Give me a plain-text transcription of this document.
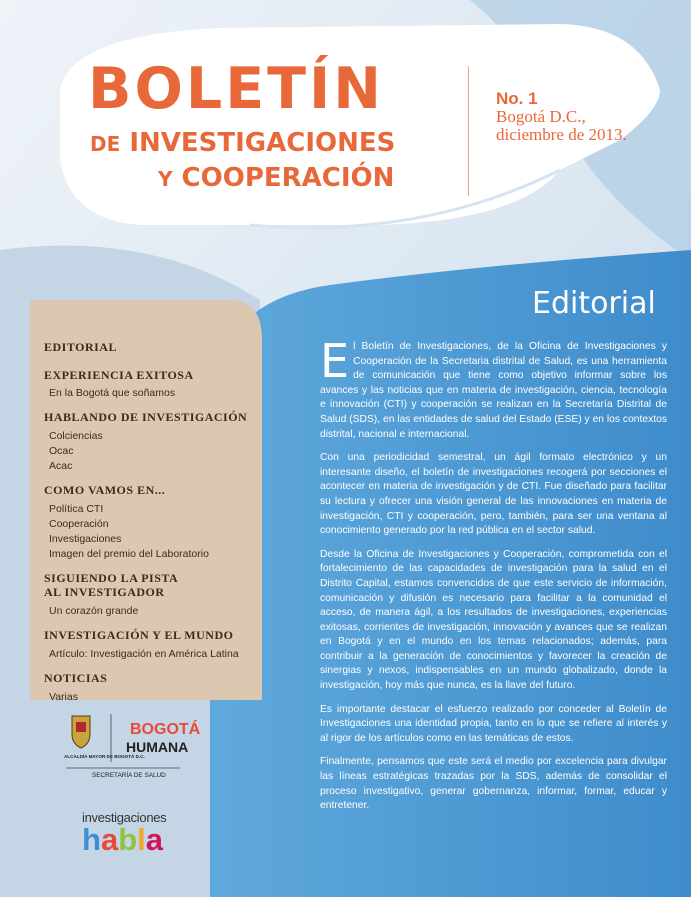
BOLETÍN
DE INVESTIGACIONES
Y COOPERACIÓN
No. 1
Bogotá D.C.,
diciembre de 2013.
EDITORIAL
EXPERIENCIA EXITOSA
En la Bogotá que soñamos
HABLANDO DE INVESTIGACIÓN
Colciencias
Ocac
Acac
COMO VAMOS EN...
Política CTI
Cooperación
Investigaciones
Imagen del premio del Laboratorio
SIGUIENDO LA PISTA
AL INVESTIGADOR
Un corazón grande
INVESTIGACIÓN Y EL MUNDO
Artículo: Investigación en América Latina
NOTICIAS
Varias
ALCALDÍA MAYOR DE BOGOTÁ D.C.
BOGOTÁ
HUMANA
SECRETARÍA DE SALUD
investigaciones
habla
Editorial

El Boletín de Investigaciones, de la Oficina de Investigaciones y Cooperación de la Secretaria distrital de Salud, es una herramienta de comunicación que tiene como objetivo informar sobre los avances y las noticias que en materia de investigación, ciencia, tecnología e innovación (CTI) y cooperación se realizan en la Secretaría Distrital de Salud (SDS), en las entidades de salud del Estado (ESE) y en los contextos distrital, nacional e internacional.

Con una periodicidad semestral, un ágil formato electrónico y un interesante diseño, el boletín de investigaciones recogerá por secciones el acontecer en materia de investigación y de CTI. Fue diseñado para facilitar su lectura y ofrecer una visión general de las innovaciones en materia de investigación, CTI y cooperación, pero, también, para ser una ventana al conocimiento generado por la red pública en el sector salud.

Desde la Oficina de Investigaciones y Cooperación, comprometida con el fortalecimiento de las capacidades de investigación para la salud en el Distrito Capital, estamos convencidos de que este servicio de información, comunicación y difusión es necesario para facilitar a la comunidad el acceso, de manera ágil, a los resultados de investigaciones, experiencias exitosas, corrientes de investigación, innovación y avances que se realizan en Bogotá y en el mundo en los temas relacionados; además, para contribuir a la generación de conocimientos y favorecer la creación de sinergias y nexos, indispensables en un mundo globalizado, donde la investigación, hoy más que nunca, es la llave del futuro.

Es importante destacar el esfuerzo realizado por conceder al Boletín de Investigaciones una identidad propia, tanto en lo que se refiere al interés y al rigor de los artículos como en las temáticas de estos.

Finalmente, pensamos que este será el medio por excelencia para divulgar las líneas estratégicas trazadas por la SDS, además de consolidar el proceso investigativo, generar gobernanza, informar, formar, educar y entretener.
